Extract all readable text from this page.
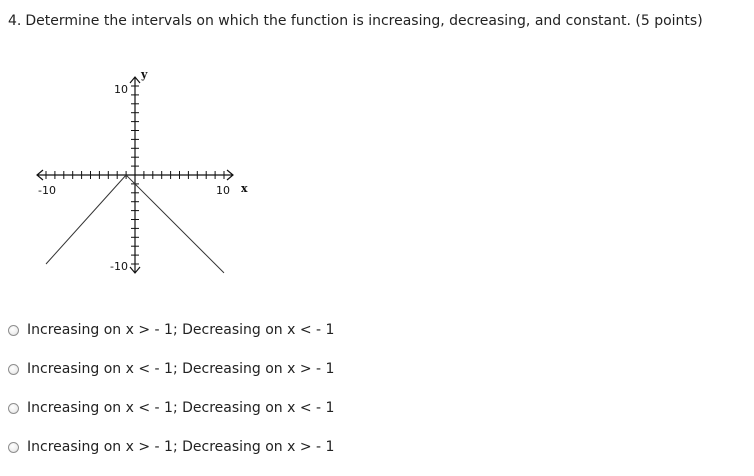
4. Determine the intervals on which the function is increasing, decreasing, and constant. (5 points)
10
-10
-10	10
y
x
Increasing on x > - 1; Decreasing on x < - 1
Increasing on x < - 1; Decreasing on x > - 1
Increasing on x < - 1; Decreasing on x < - 1
Increasing on x > - 1; Decreasing on x > - 1
